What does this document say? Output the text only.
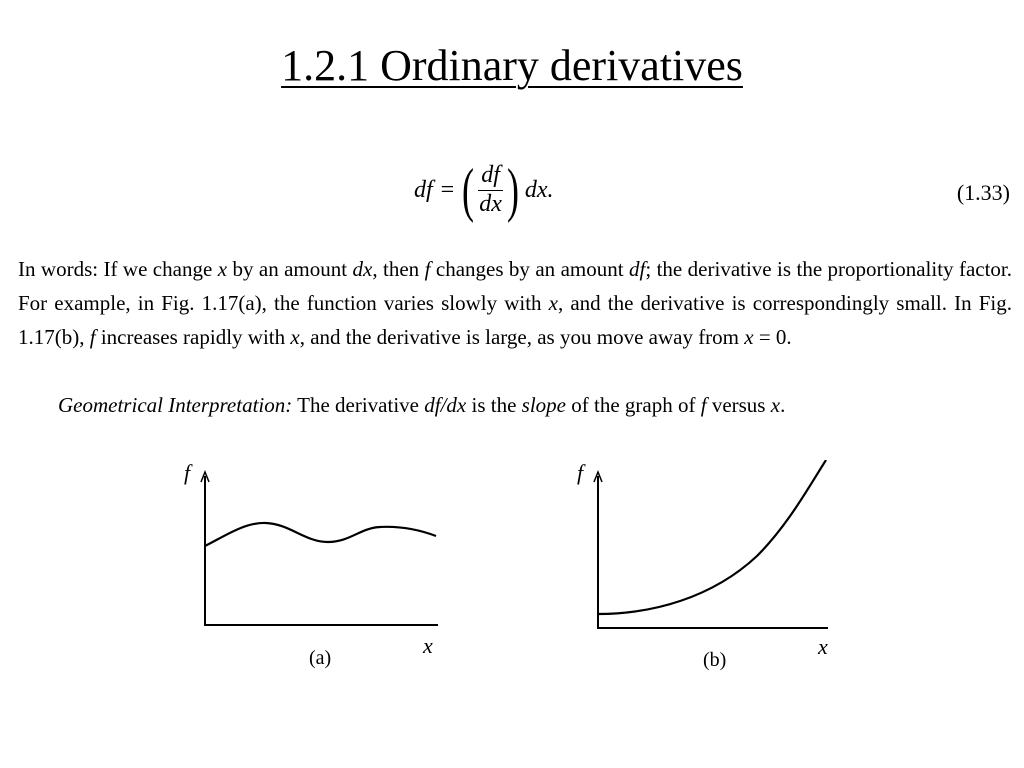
1.2.1 Ordinary derivatives
df = ( $\frac{df}{dx}$ ) dx.	(1.33)

In words: If we change x by an amount dx, then f changes by an amount df; the derivative is the proportionality factor. For example, in Fig. 1.17(a), the function varies slowly with x, and the derivative is correspondingly small. In Fig. 1.17(b), f increases rapidly with x, and the derivative is large, as you move away from x = 0.

Geometrical Interpretation: The derivative df/dx is the slope of the graph of f versus x.

f
x
(a)
f
x
(b)
